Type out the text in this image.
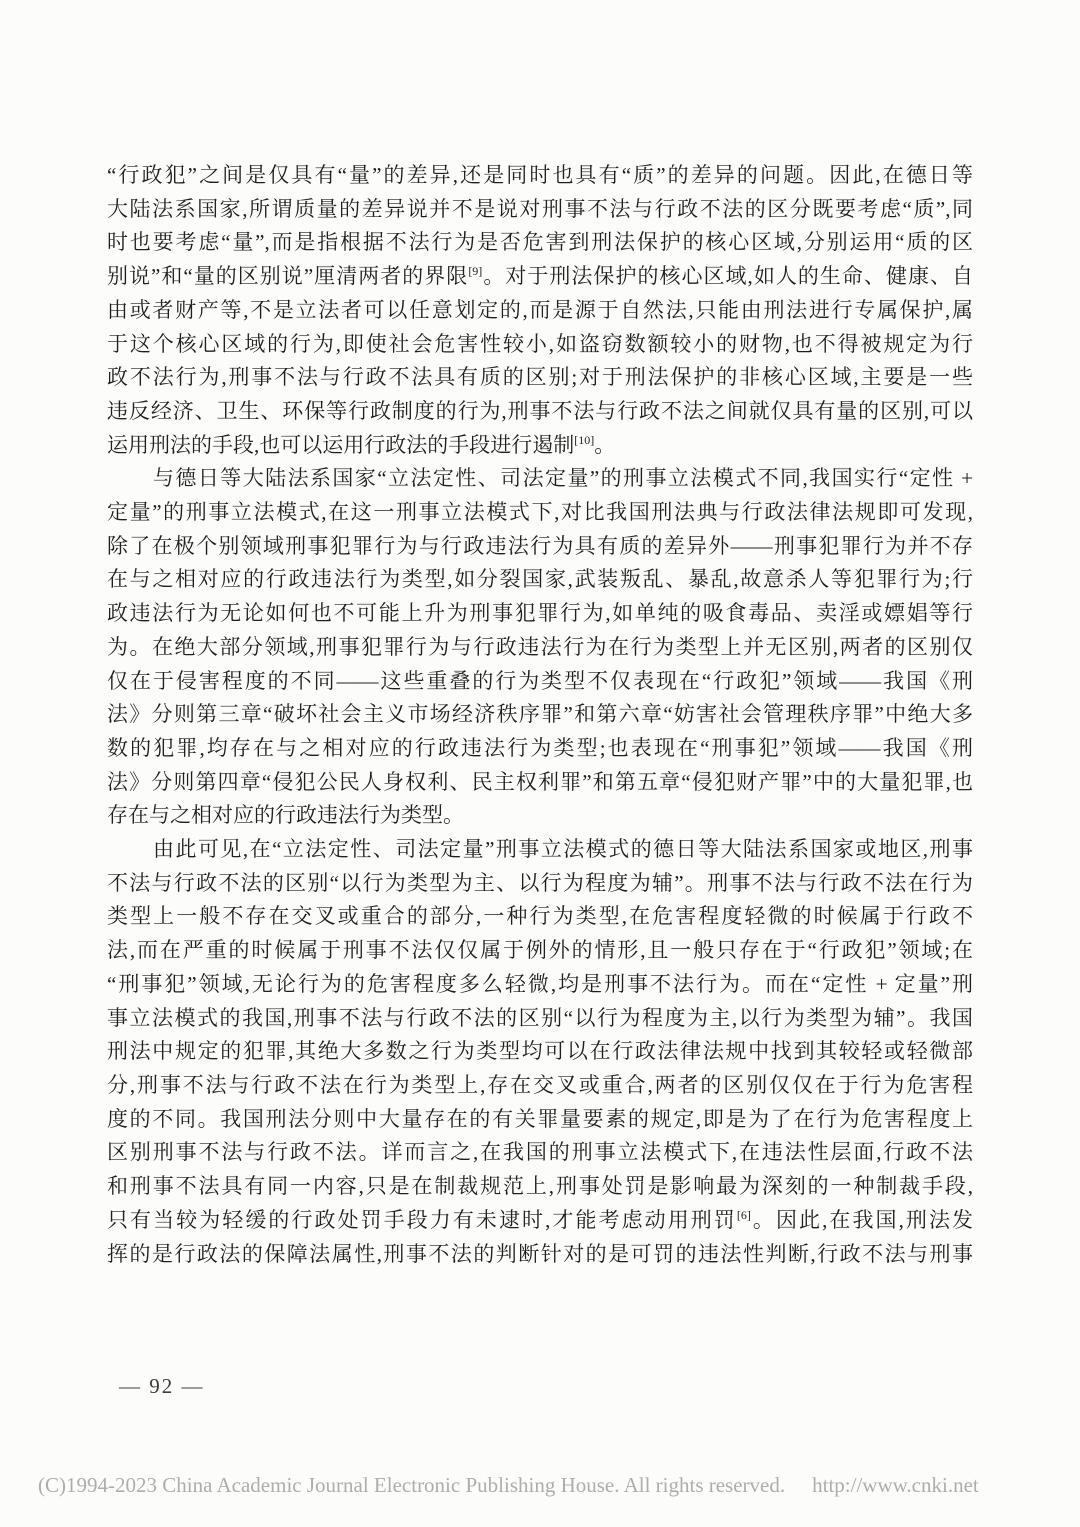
“行政犯”之间是仅具有“量”的差异,还是同时也具有“质”的差异的问题。因此,在德日等
大陆法系国家,所谓质量的差异说并不是说对刑事不法与行政不法的区分既要考虑“质”,同
时也要考虑“量”,而是指根据不法行为是否危害到刑法保护的核心区域,分别运用“质的区
别说”和“量的区别说”厘清两者的界限[9]。对于刑法保护的核心区域,如人的生命、健康、自
由或者财产等,不是立法者可以任意划定的,而是源于自然法,只能由刑法进行专属保护,属
于这个核心区域的行为,即使社会危害性较小,如盗窃数额较小的财物,也不得被规定为行
政不法行为,刑事不法与行政不法具有质的区别;对于刑法保护的非核心区域,主要是一些
违反经济、卫生、环保等行政制度的行为,刑事不法与行政不法之间就仅具有量的区别,可以
运用刑法的手段,也可以运用行政法的手段进行遏制[10]。
与德日等大陆法系国家“立法定性、司法定量”的刑事立法模式不同,我国实行“定性 +
定量”的刑事立法模式,在这一刑事立法模式下,对比我国刑法典与行政法律法规即可发现,
除了在极个别领域刑事犯罪行为与行政违法行为具有质的差异外——刑事犯罪行为并不存
在与之相对应的行政违法行为类型,如分裂国家,武装叛乱、暴乱,故意杀人等犯罪行为;行
政违法行为无论如何也不可能上升为刑事犯罪行为,如单纯的吸食毒品、卖淫或嫖娼等行
为。在绝大部分领域,刑事犯罪行为与行政违法行为在行为类型上并无区别,两者的区别仅
仅在于侵害程度的不同——这些重叠的行为类型不仅表现在“行政犯”领域——我国《刑
法》分则第三章“破坏社会主义市场经济秩序罪”和第六章“妨害社会管理秩序罪”中绝大多
数的犯罪,均存在与之相对应的行政违法行为类型;也表现在“刑事犯”领域——我国《刑
法》分则第四章“侵犯公民人身权利、民主权利罪”和第五章“侵犯财产罪”中的大量犯罪,也
存在与之相对应的行政违法行为类型。
由此可见,在“立法定性、司法定量”刑事立法模式的德日等大陆法系国家或地区,刑事
不法与行政不法的区别“以行为类型为主、以行为程度为辅”。刑事不法与行政不法在行为
类型上一般不存在交叉或重合的部分,一种行为类型,在危害程度轻微的时候属于行政不
法,而在严重的时候属于刑事不法仅仅属于例外的情形,且一般只存在于“行政犯”领域;在
“刑事犯”领域,无论行为的危害程度多么轻微,均是刑事不法行为。而在“定性 + 定量”刑
事立法模式的我国,刑事不法与行政不法的区别“以行为程度为主,以行为类型为辅”。我国
刑法中规定的犯罪,其绝大多数之行为类型均可以在行政法律法规中找到其较轻或轻微部
分,刑事不法与行政不法在行为类型上,存在交叉或重合,两者的区别仅仅在于行为危害程
度的不同。我国刑法分则中大量存在的有关罪量要素的规定,即是为了在行为危害程度上
区别刑事不法与行政不法。详而言之,在我国的刑事立法模式下,在违法性层面,行政不法
和刑事不法具有同一内容,只是在制裁规范上,刑事处罚是影响最为深刻的一种制裁手段,
只有当较为轻缓的行政处罚手段力有未逮时,才能考虑动用刑罚[6]。因此,在我国,刑法发
挥的是行政法的保障法属性,刑事不法的判断针对的是可罚的违法性判断,行政不法与刑事
— 92 —
(C)1994-2023 China Academic Journal Electronic Publishing House. All rights reserved. http://www.cnki.net
